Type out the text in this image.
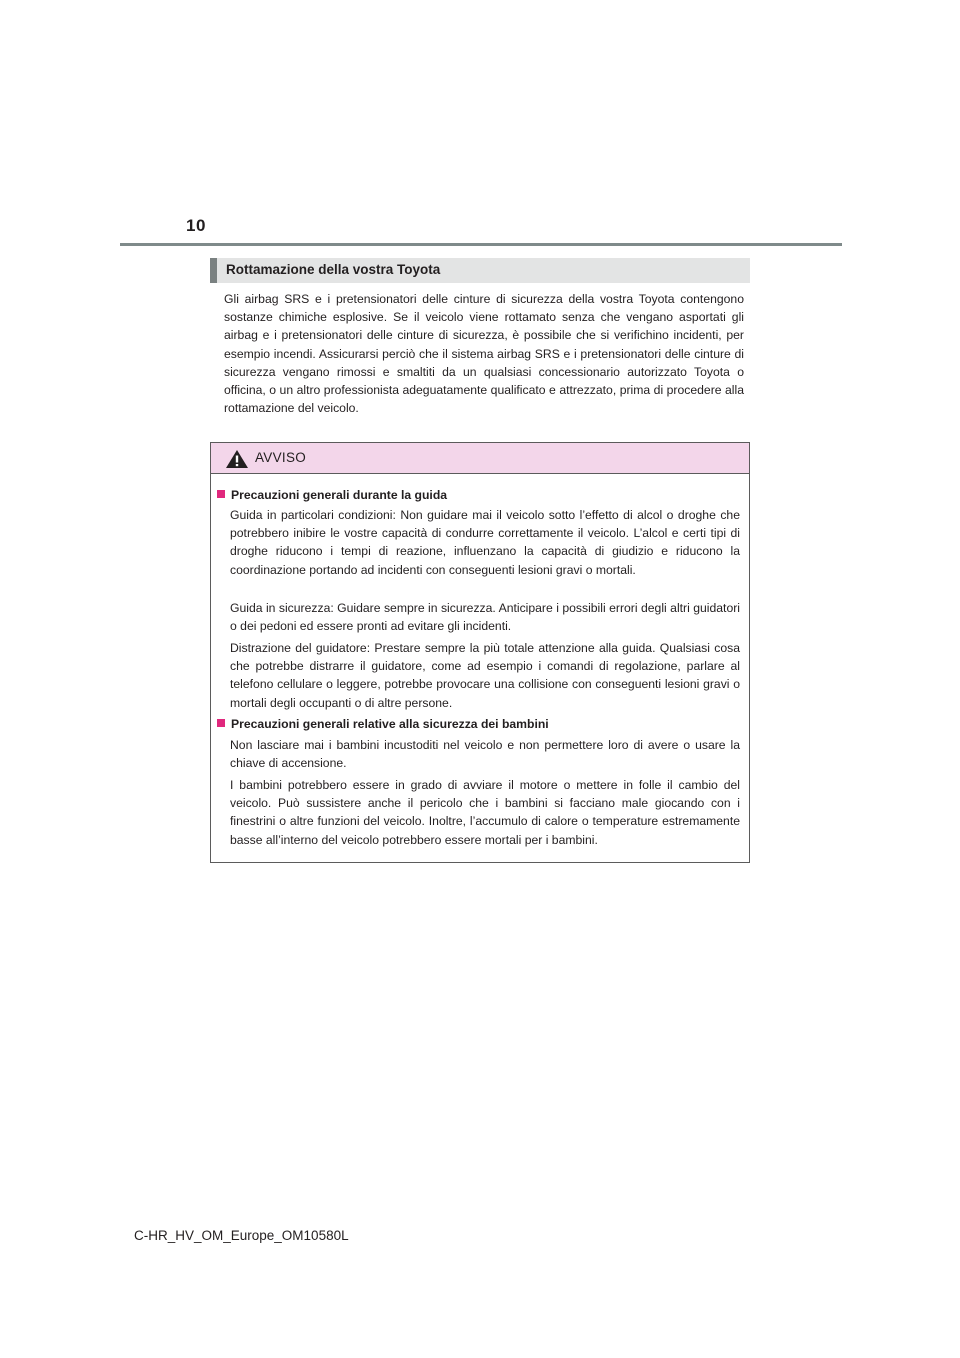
10
Rottamazione della vostra Toyota

Gli airbag SRS e i pretensionatori delle cinture di sicurezza della vostra Toyota contengono sostanze chimiche esplosive. Se il veicolo viene rottamato senza che vengano asportati gli airbag e i pretensionatori delle cinture di sicurezza, è possibile che si verifichino incidenti, per esempio incendi. Assicurarsi perciò che il sistema airbag SRS e i pretensionatori delle cinture di sicurezza vengano rimossi e smaltiti da un qualsiasi concessionario autorizzato Toyota o officina, o un altro professionista adeguatamente qualificato e attrezzato, prima di procedere alla rottamazione del veicolo.

AVVISO
Precauzioni generali durante la guida

Guida in particolari condizioni: Non guidare mai il veicolo sotto l’effetto di alcol o droghe che potrebbero inibire le vostre capacità di condurre correttamente il veicolo. L’alcol e certi tipi di droghe riducono i tempi di reazione, influenzano la capacità di giudizio e riducono la coordinazione portando ad incidenti con conseguenti lesioni gravi o mortali.

Guida in sicurezza: Guidare sempre in sicurezza. Anticipare i possibili errori degli altri guidatori o dei pedoni ed essere pronti ad evitare gli incidenti.

Distrazione del guidatore: Prestare sempre la più totale attenzione alla guida. Qualsiasi cosa che potrebbe distrarre il guidatore, come ad esempio i comandi di regolazione, parlare al telefono cellulare o leggere, potrebbe provocare una collisione con conseguenti lesioni gravi o mortali degli occupanti o di altre persone.

Precauzioni generali relative alla sicurezza dei bambini

Non lasciare mai i bambini incustoditi nel veicolo e non permettere loro di avere o usare la chiave di accensione.

I bambini potrebbero essere in grado di avviare il motore o mettere in folle il cambio del veicolo. Può sussistere anche il pericolo che i bambini si facciano male giocando con i finestrini o altre funzioni del veicolo. Inoltre, l’accumulo di calore o temperature estremamente basse all’interno del veicolo potrebbero essere mortali per i bambini.

C-HR_HV_OM_Europe_OM10580L
